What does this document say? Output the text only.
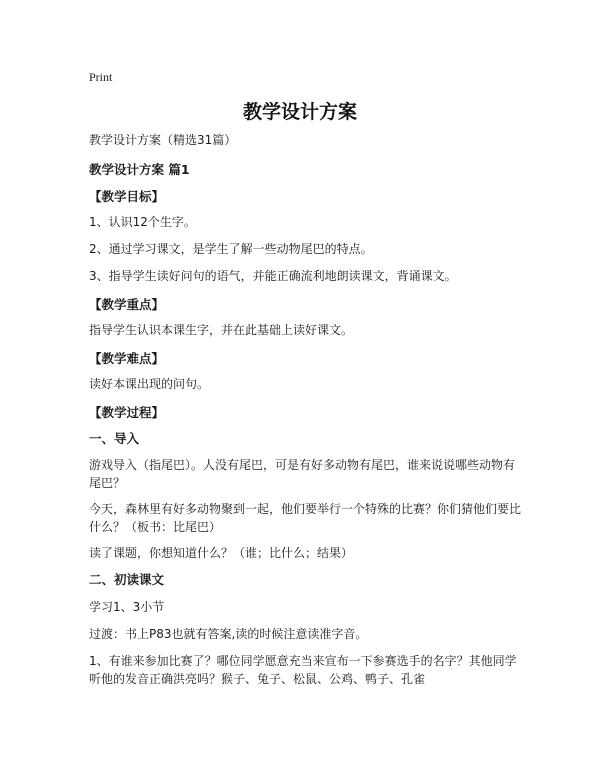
Print
教学设计方案
教学设计方案（精选31篇）
教学设计方案 篇1
【教学目标】
1、认识12个生字。
2、通过学习课文，是学生了解一些动物尾巴的特点。
3、指导学生读好问句的语气，并能正确流利地朗读课文，背诵课文。
【教学重点】
指导学生认识本课生字，并在此基础上读好课文。
【教学难点】
读好本课出现的问句。
【教学过程】
一、导入
游戏导入（指尾巴）。人没有尾巴，可是有好多动物有尾巴，谁来说说哪些动物有
尾巴？
今天，森林里有好多动物聚到一起，他们要举行一个特殊的比赛？你们猜他们要比
什么？（板书：比尾巴）
读了课题，你想知道什么？（谁；比什么；结果）
二、初读课文
学习1、3小节
过渡：书上P83也就有答案,读的时候注意读准字音。
1、有谁来参加比赛了？哪位同学愿意充当来宣布一下参赛选手的名字？其他同学
听他的发音正确洪亮吗？猴子、兔子、松鼠、公鸡、鸭子、孔雀
